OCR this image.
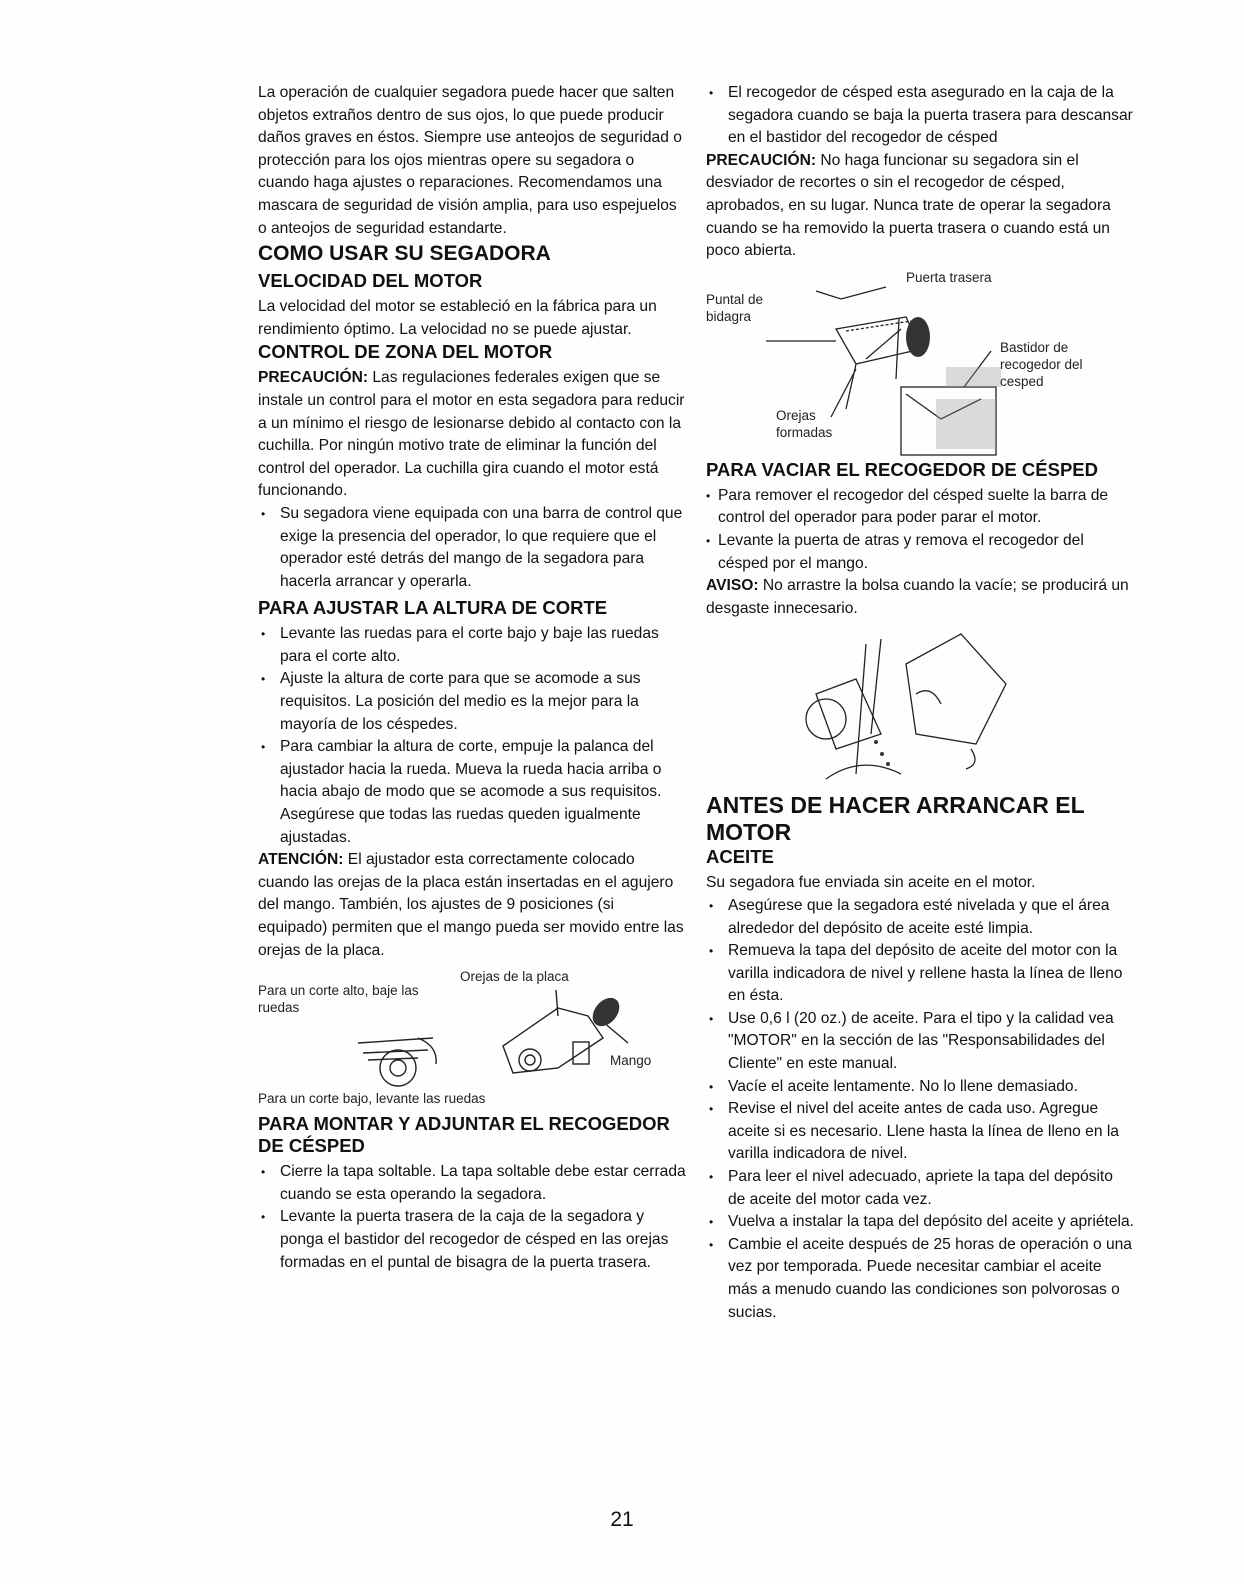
La operación de cualquier segadora puede hacer que salten objetos extraños dentro de sus ojos, lo que puede producir daños graves en éstos. Siempre use anteojos de seguridad o protección para los ojos mientras opere su segadora o cuando haga ajustes o reparaciones. Recomendamos una mascara de seguridad de visión amplia, para uso espejuelos o anteojos de seguridad estandarte.

COMO USAR SU SEGADORA
VELOCIDAD DEL MOTOR

La velocidad del motor se estableció en la fábrica para un rendimiento óptimo. La velocidad no se puede ajustar.

CONTROL DE ZONA DEL MOTOR

PRECAUCIÓN: Las regulaciones federales exigen que se instale un control para el motor en esta segadora para reducir a un mínimo el riesgo de lesionarse debido al contacto con la cuchilla. Por ningún motivo trate de eliminar la función del control del operador. La cuchilla gira cuando el motor está funcionando.

• Su segadora viene equipada con una barra de control que exige la presencia del operador, lo que requiere que el operador esté detrás del mango de la segadora para hacerla arrancar y operarla.
PARA AJUSTAR LA ALTURA DE CORTE
• Levante las ruedas para el corte bajo y baje las ruedas para el corte alto.
• Ajuste la altura de corte para que se acomode a sus requisitos. La posición del medio es la mejor para la mayoría de los céspedes.
• Para cambiar la altura de corte, empuje la palanca del ajustador hacia la rueda. Mueva la rueda hacia arriba o hacia abajo de modo que se acomode a sus requisitos. Asegúrese que todas las ruedas queden igualmente ajustadas.

ATENCIÓN: El ajustador esta correctamente colocado cuando las orejas de la placa están insertadas en el agujero del mango. También, los ajustes de 9 posiciones (si equipado) permiten que el mango pueda ser movido entre las orejas de la placa.

Para un corte alto, baje las ruedas
Orejas de la placa
Mango
Para un corte bajo, levante las ruedas
PARA MONTAR Y ADJUNTAR EL RECOGEDOR DE CÉSPED
• Cierre la tapa soltable. La tapa soltable debe estar cerrada cuando se esta operando la segadora.
• Levante la puerta trasera de la caja de la segadora y ponga el bastidor del recogedor de césped en las orejas formadas en el puntal de bisagra de la puerta trasera.
• El recogedor de césped esta asegurado en la caja de la segadora cuando se baja la puerta trasera para descansar en el bastidor del recogedor de césped

PRECAUCIÓN: No haga funcionar su segadora sin el desviador de recortes o sin el recogedor de césped, aprobados, en su lugar. Nunca trate de operar la segadora cuando se ha removido la puerta trasera o cuando está un poco abierta.

Puerta trasera
Puntal de bidagra
Bastidor de recogedor del cesped
Orejas formadas
PARA VACIAR EL RECOGEDOR DE CÉSPED

• Para remover el recogedor del césped suelte la barra de control del operador para poder parar el motor.

• Levante la puerta de atras y remova el recogedor del césped por el mango.

AVISO: No arrastre la bolsa cuando la vacíe; se producirá un desgaste innecesario.

ANTES DE HACER ARRANCAR EL MOTOR
ACEITE

Su segadora fue enviada sin aceite en el motor.

• Asegúrese que la segadora esté nivelada y que el área alrededor del depósito de aceite esté limpia.
• Remueva la tapa del depósito de aceite del motor con la varilla indicadora de nivel y rellene hasta la línea de lleno en ésta.
• Use 0,6 l (20 oz.) de aceite. Para el tipo y la calidad vea "MOTOR" en la sección de las "Responsabilidades del Cliente" en este manual.
• Vacíe el aceite lentamente. No lo llene demasiado.
• Revise el nivel del aceite antes de cada uso. Agregue aceite si es necesario. Llene hasta la línea de lleno en la varilla indicadora de nivel.
• Para leer el nivel adecuado, apriete la tapa del depósito de aceite del motor cada vez.
• Vuelva a instalar la tapa del depósito del aceite y apriétela.
• Cambie el aceite después de 25 horas de operación o una vez por temporada. Puede necesitar cambiar el aceite más a menudo cuando las condiciones son polvorosas o sucias.
21
